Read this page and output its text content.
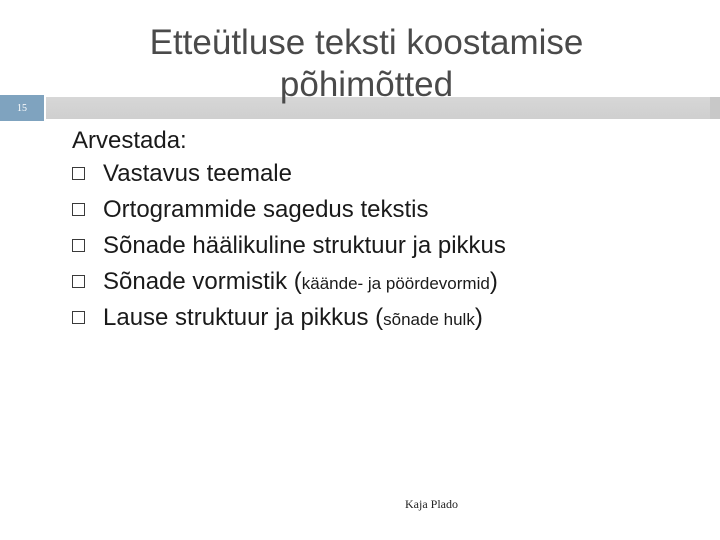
15
Etteütluse teksti koostamise
põhimõtted
Arvestada:
Vastavus teemale
Ortogrammide sagedus tekstis
Sõnade häälikuline struktuur ja pikkus
Sõnade vormistik ( käände- ja pöördevormid )
Lause struktuur ja pikkus ( sõnade hulk )
Kaja Plado
